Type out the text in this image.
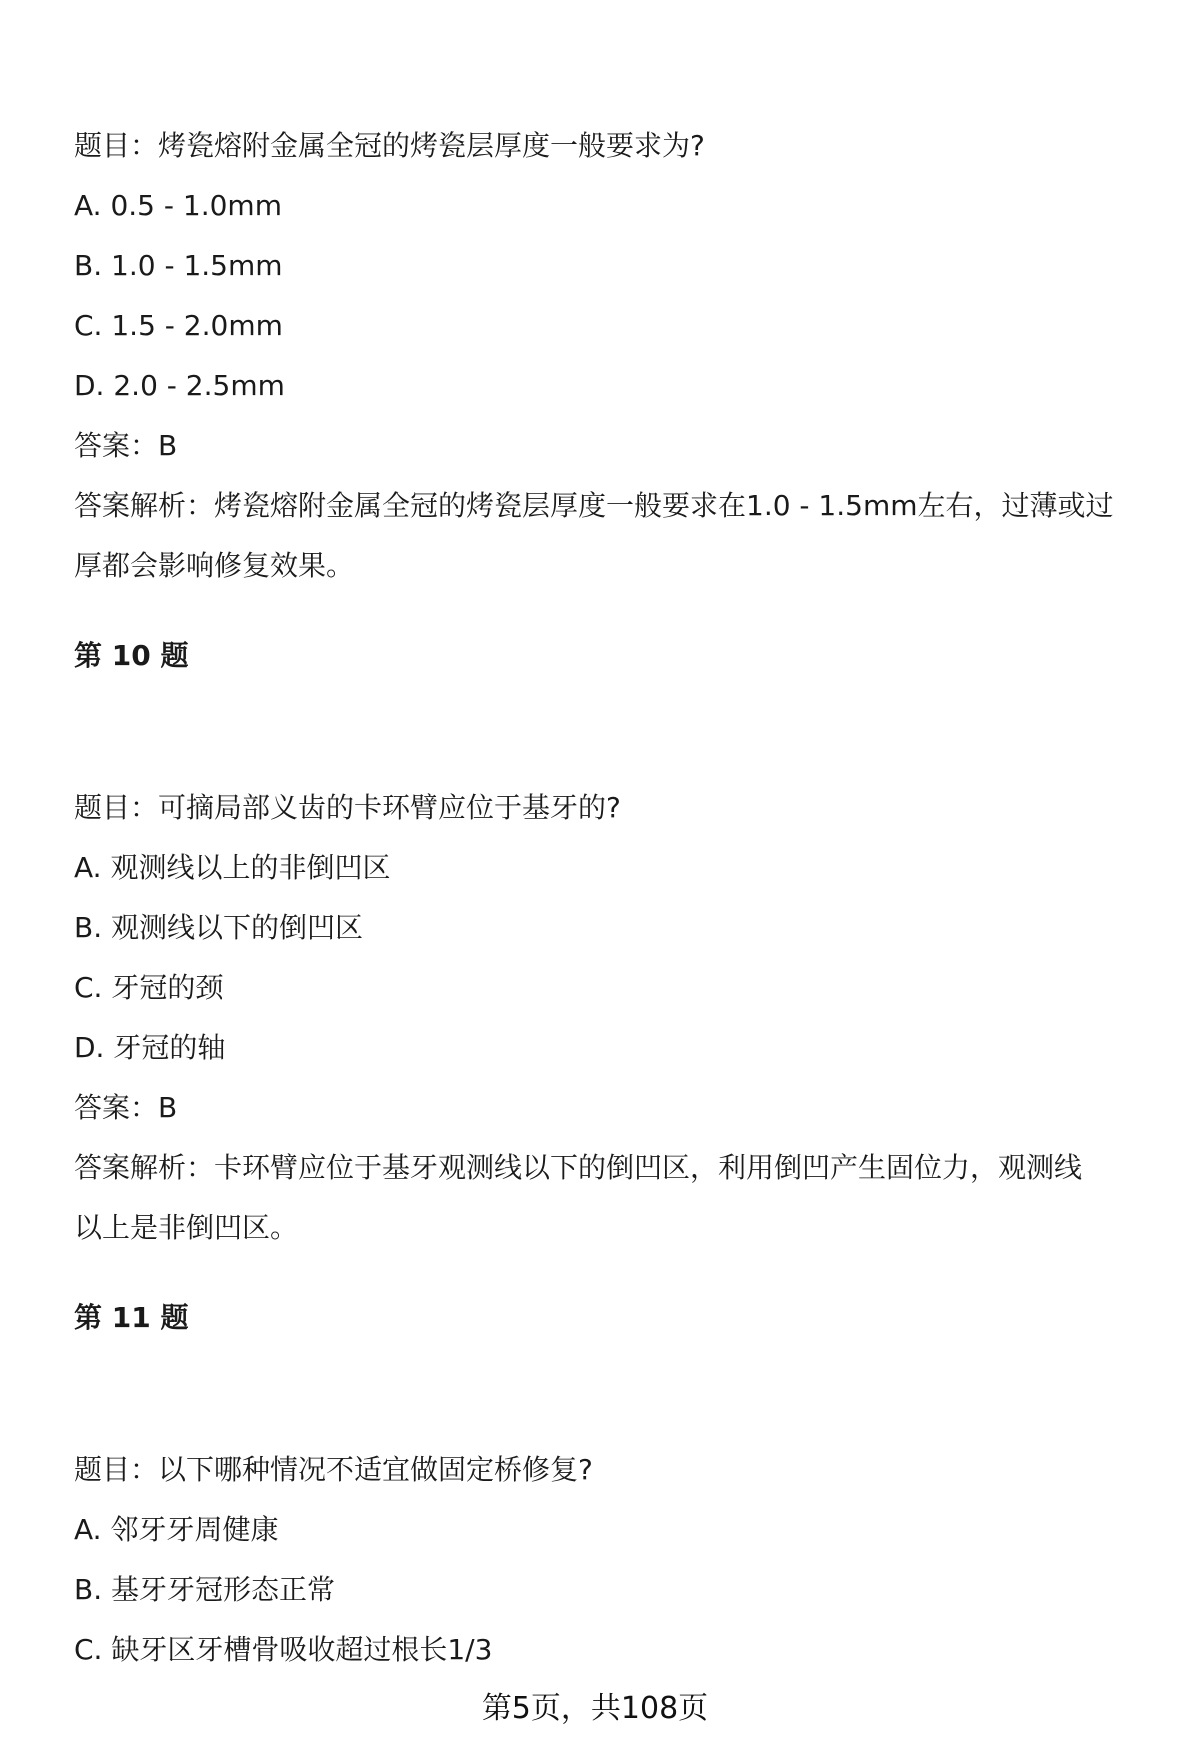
题目：烤瓷熔附金属全冠的烤瓷层厚度一般要求为?
A. 0.5 - 1.0mm
B. 1.0 - 1.5mm
C. 1.5 - 2.0mm
D. 2.0 - 2.5mm
答案：B
答案解析：烤瓷熔附金属全冠的烤瓷层厚度一般要求在1.0 - 1.5mm左右，过薄或过
厚都会影响修复效果。
第 10 题
题目：可摘局部义齿的卡环臂应位于基牙的?
A. 观测线以上的非倒凹区
B. 观测线以下的倒凹区
C. 牙冠的颈
D. 牙冠的轴
答案：B
答案解析：卡环臂应位于基牙观测线以下的倒凹区，利用倒凹产生固位力，观测线
以上是非倒凹区。
第 11 题
题目：以下哪种情况不适宜做固定桥修复?
A. 邻牙牙周健康
B. 基牙牙冠形态正常
C. 缺牙区牙槽骨吸收超过根长1/3
第5页，共108页
